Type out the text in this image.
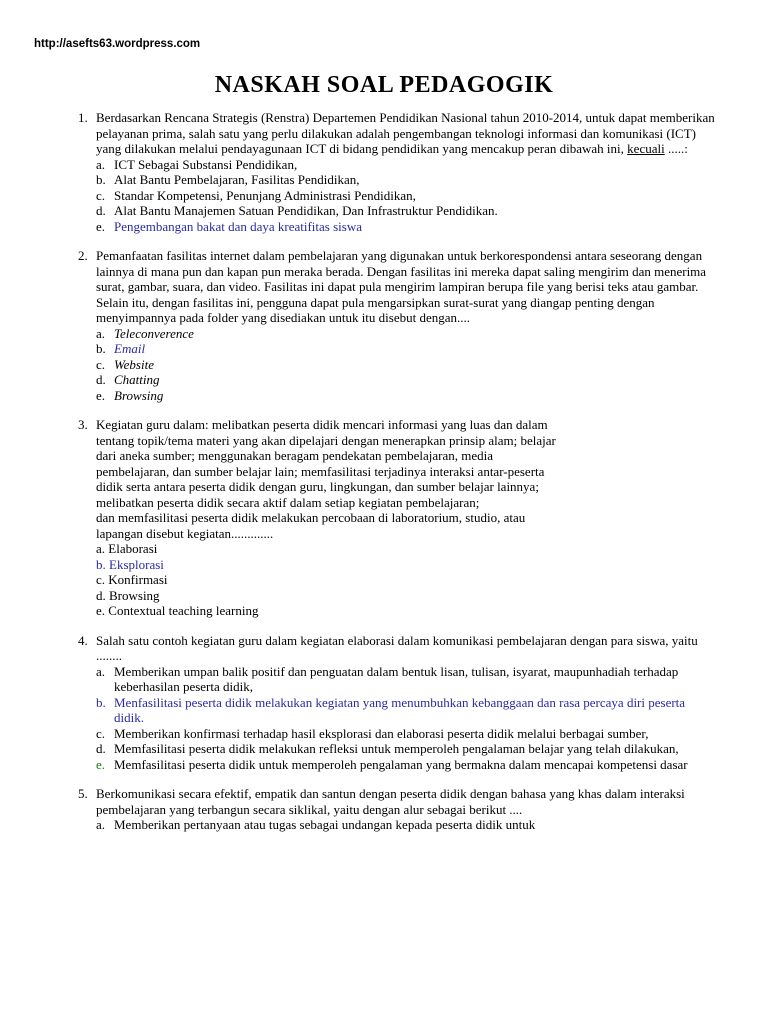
http://asefts63.wordpress.com
NASKAH SOAL PEDAGOGIK
1. Berdasarkan Rencana Strategis (Renstra) Departemen Pendidikan Nasional tahun 2010-2014, untuk dapat memberikan pelayanan prima, salah satu yang perlu dilakukan adalah pengembangan teknologi informasi dan komunikasi (ICT) yang dilakukan melalui pendayagunaan ICT di bidang pendidikan yang mencakup peran dibawah ini, kecuali .....:
a. ICT Sebagai Substansi Pendidikan,
b. Alat Bantu Pembelajaran, Fasilitas Pendidikan,
c. Standar Kompetensi, Penunjang Administrasi Pendidikan,
d. Alat Bantu Manajemen Satuan Pendidikan, Dan Infrastruktur Pendidikan.
e. Pengembangan bakat dan daya kreatifitas siswa
2. Pemanfaatan fasilitas internet dalam pembelajaran yang digunakan untuk berkorespondensi antara seseorang dengan lainnya di mana pun dan kapan pun meraka berada. Dengan fasilitas ini mereka dapat saling mengirim dan menerima surat, gambar, suara, dan video. Fasilitas ini dapat pula mengirim lampiran berupa file yang berisi teks atau gambar. Selain itu, dengan fasilitas ini, pengguna dapat pula mengarsipkan surat-surat yang diangap penting dengan menyimpannya pada folder yang disediakan untuk itu disebut dengan....
a. Teleconverence
b. Email
c. Website
d. Chatting
e. Browsing
3. Kegiatan guru dalam: melibatkan peserta didik mencari informasi yang luas dan dalam
tentang topik/tema materi yang akan dipelajari dengan menerapkan prinsip alam; belajar
dari aneka sumber; menggunakan beragam pendekatan pembelajaran, media
pembelajaran, dan sumber belajar lain; memfasilitasi terjadinya interaksi antar-peserta
didik serta antara peserta didik dengan guru, lingkungan, dan sumber belajar lainnya;
melibatkan peserta didik secara aktif dalam setiap kegiatan pembelajaran;
dan memfasilitasi peserta didik melakukan percobaan di laboratorium, studio, atau
lapangan disebut kegiatan.............
a. Elaborasi
b. Eksplorasi
c. Konfirmasi
d. Browsing
e. Contextual teaching learning
4. Salah satu contoh kegiatan guru dalam kegiatan elaborasi dalam komunikasi pembelajaran dengan para siswa, yaitu ........
a. Memberikan umpan balik positif dan penguatan dalam bentuk lisan, tulisan, isyarat, maupunhadiah terhadap keberhasilan peserta didik,
b. Menfasilitasi peserta didik melakukan kegiatan yang menumbuhkan kebanggaan dan rasa percaya diri peserta didik.
c. Memberikan konfirmasi terhadap hasil eksplorasi dan elaborasi peserta didik melalui berbagai sumber,
d. Memfasilitasi peserta didik melakukan refleksi untuk memperoleh pengalaman belajar yang telah dilakukan,
e. Memfasilitasi peserta didik untuk memperoleh pengalaman yang bermakna dalam mencapai kompetensi dasar
5. Berkomunikasi secara efektif, empatik dan santun dengan peserta didik dengan bahasa yang khas dalam interaksi pembelajaran yang terbangun secara siklikal, yaitu dengan alur sebagai berikut ....
a. Memberikan pertanyaan atau tugas sebagai undangan kepada peserta didik untuk
